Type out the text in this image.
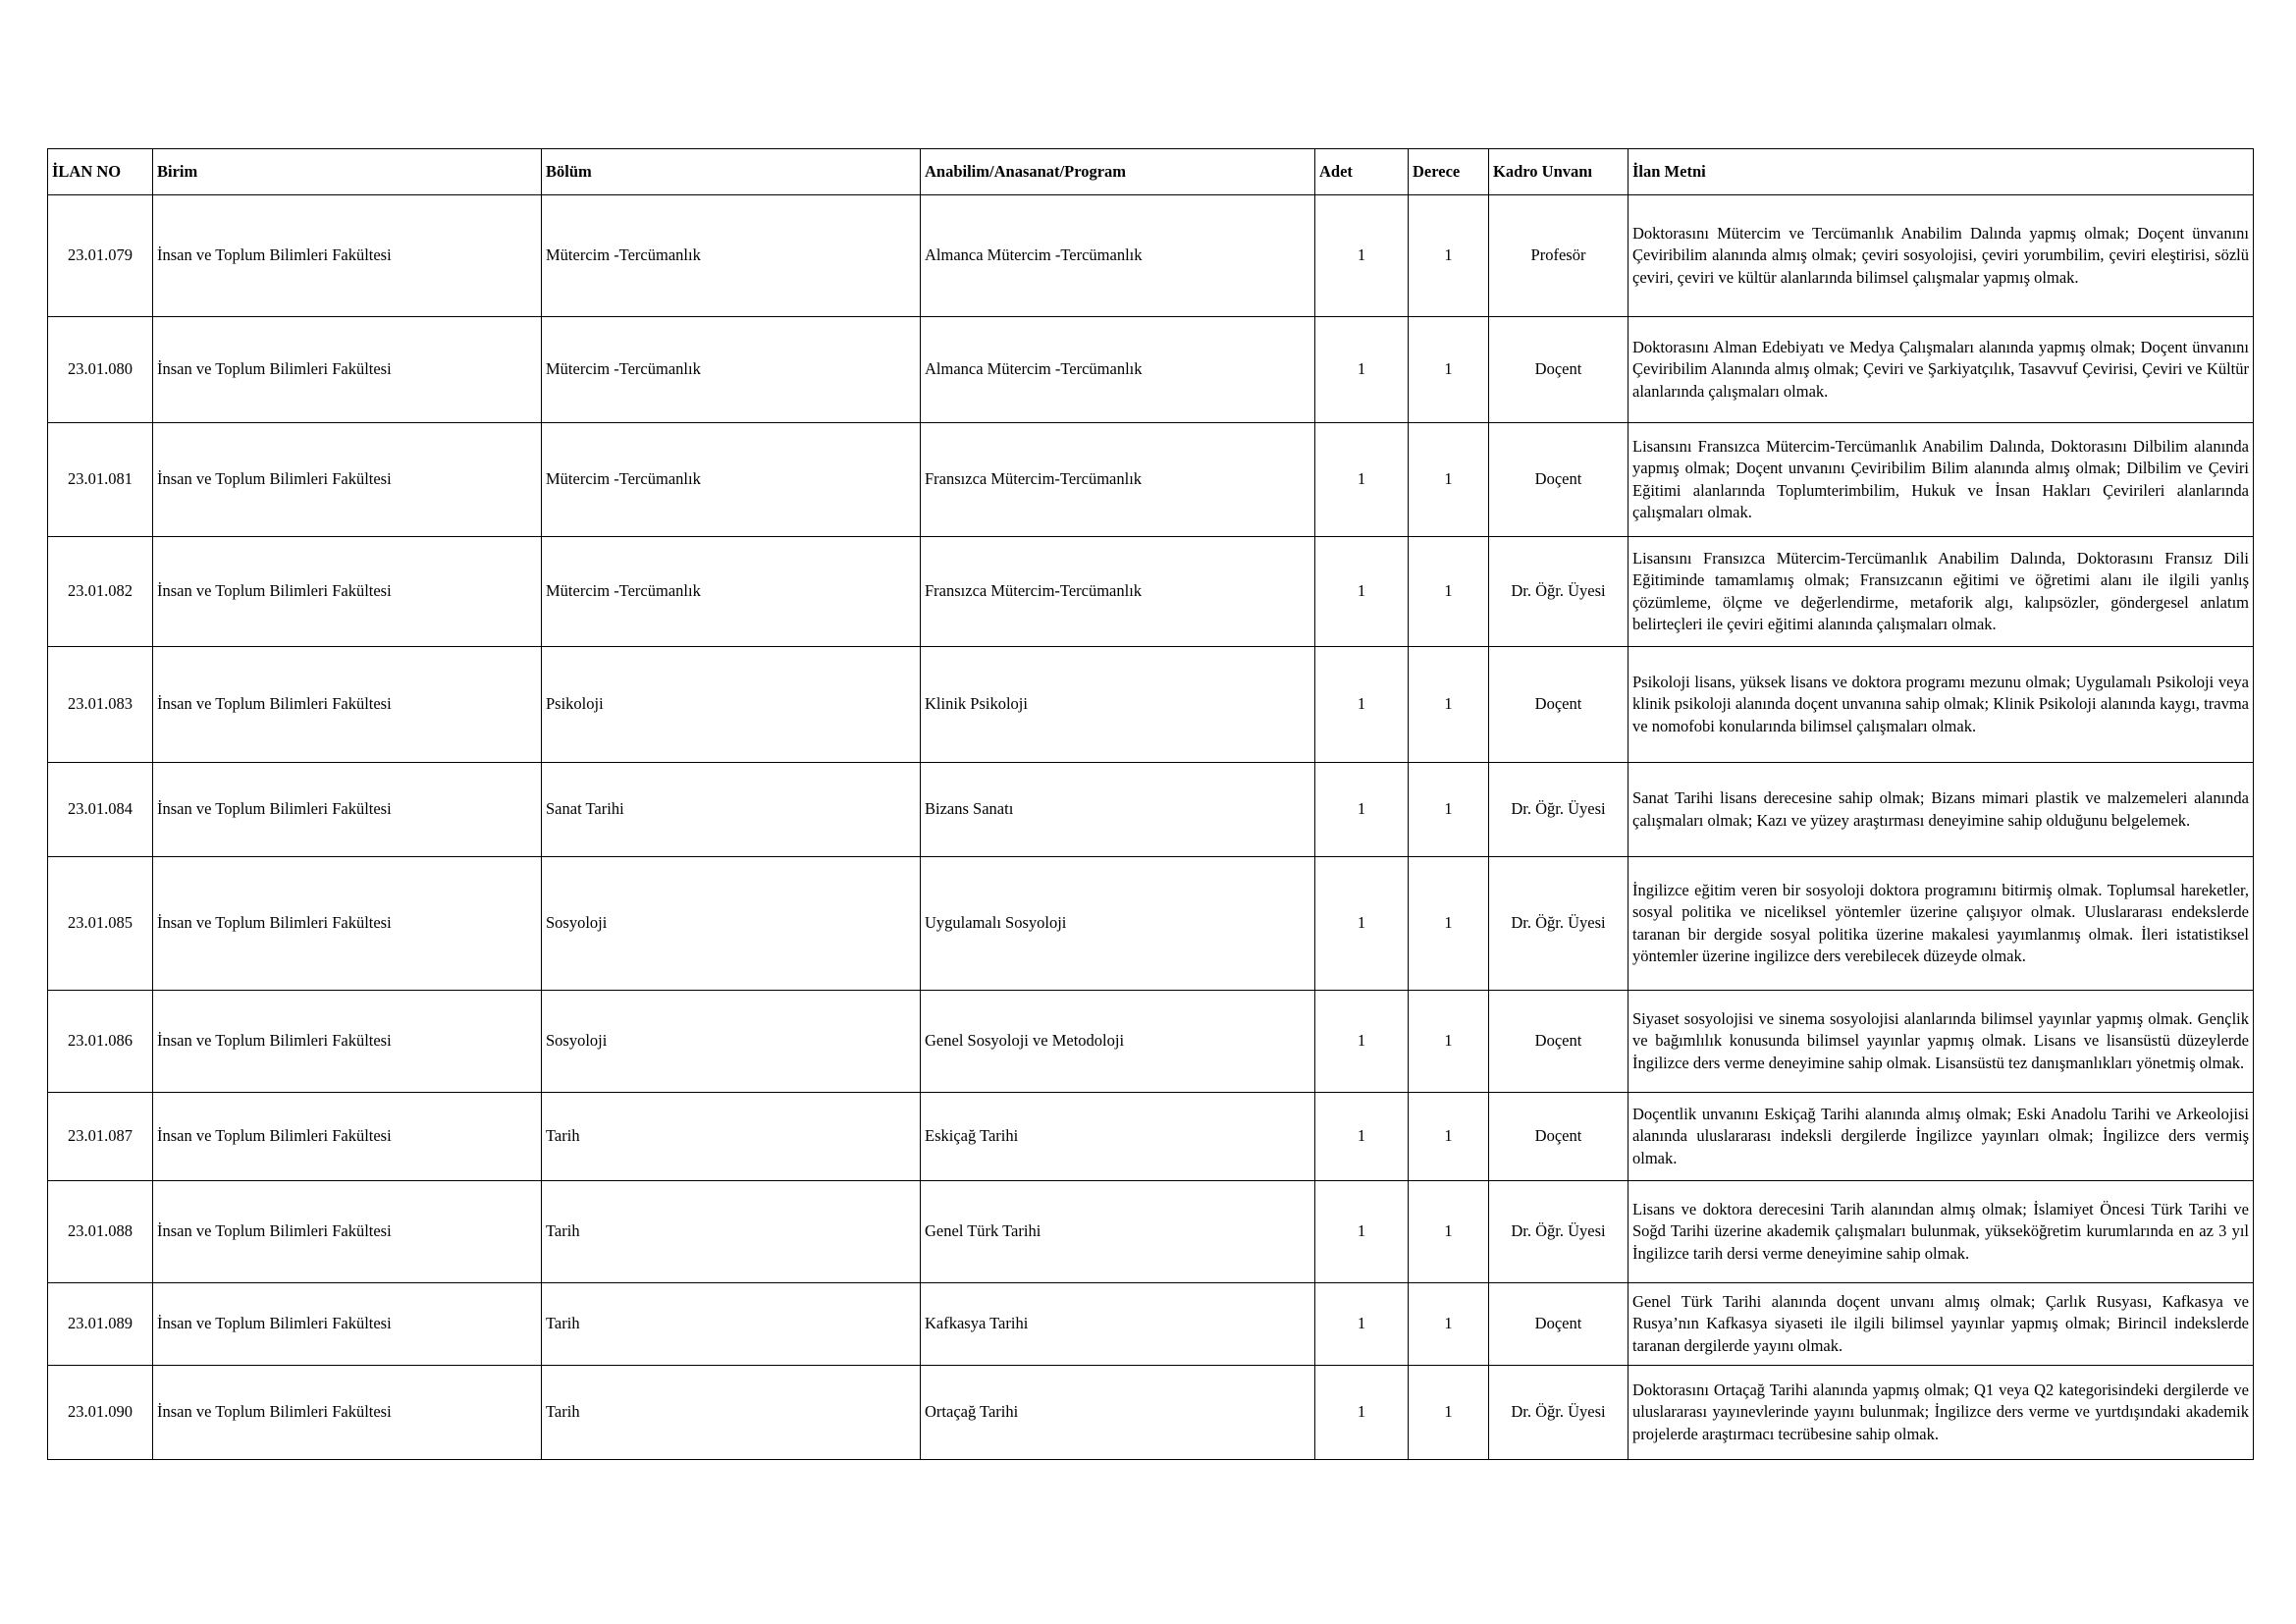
İLAN NO	Birim	Bölüm	Anabilim/Anasanat/Program	Adet	Derece	Kadro Unvanı	İlan Metni
23.01.079	İnsan ve Toplum Bilimleri Fakültesi	Mütercim -Tercümanlık	Almanca Mütercim -Tercümanlık	1	1	Profesör	Doktorasını Mütercim ve Tercümanlık Anabilim Dalında yapmış olmak; Doçent ünvanını Çeviribilim alanında almış olmak; çeviri sosyolojisi, çeviri yorumbilim, çeviri eleştirisi, sözlü çeviri, çeviri ve kültür alanlarında bilimsel çalışmalar yapmış olmak.
23.01.080	İnsan ve Toplum Bilimleri Fakültesi	Mütercim -Tercümanlık	Almanca Mütercim -Tercümanlık	1	1	Doçent	Doktorasını Alman Edebiyatı ve Medya Çalışmaları alanında yapmış olmak; Doçent ünvanını Çeviribilim Alanında almış olmak; Çeviri ve Şarkiyatçılık, Tasavvuf Çevirisi, Çeviri ve Kültür alanlarında çalışmaları olmak.
23.01.081	İnsan ve Toplum Bilimleri Fakültesi	Mütercim -Tercümanlık	Fransızca Mütercim-Tercümanlık	1	1	Doçent	Lisansını Fransızca Mütercim-Tercümanlık Anabilim Dalında, Doktorasını Dilbilim alanında yapmış olmak; Doçent unvanını Çeviribilim Bilim alanında almış olmak; Dilbilim ve Çeviri Eğitimi alanlarında Toplumterimbilim, Hukuk ve İnsan Hakları Çevirileri alanlarında çalışmaları olmak.
23.01.082	İnsan ve Toplum Bilimleri Fakültesi	Mütercim -Tercümanlık	Fransızca Mütercim-Tercümanlık	1	1	Dr. Öğr. Üyesi	Lisansını Fransızca Mütercim-Tercümanlık Anabilim Dalında, Doktorasını Fransız Dili Eğitiminde tamamlamış olmak; Fransızcanın eğitimi ve öğretimi alanı ile ilgili yanlış çözümleme, ölçme ve değerlendirme, metaforik algı, kalıpsözler, göndergesel anlatım belirteçleri ile çeviri eğitimi alanında çalışmaları olmak.
23.01.083	İnsan ve Toplum Bilimleri Fakültesi	Psikoloji	Klinik Psikoloji	1	1	Doçent	Psikoloji lisans, yüksek lisans ve doktora programı mezunu olmak; Uygulamalı Psikoloji veya klinik psikoloji alanında doçent unvanına sahip olmak; Klinik Psikoloji alanında kaygı, travma ve nomofobi konularında bilimsel çalışmaları olmak.
23.01.084	İnsan ve Toplum Bilimleri Fakültesi	Sanat Tarihi	Bizans Sanatı	1	1	Dr. Öğr. Üyesi	Sanat Tarihi lisans derecesine sahip olmak; Bizans mimari plastik ve malzemeleri alanında çalışmaları olmak; Kazı ve yüzey araştırması deneyimine sahip olduğunu belgelemek.
23.01.085	İnsan ve Toplum Bilimleri Fakültesi	Sosyoloji	Uygulamalı Sosyoloji	1	1	Dr. Öğr. Üyesi	İngilizce eğitim veren bir sosyoloji doktora programını bitirmiş olmak. Toplumsal hareketler, sosyal politika ve niceliksel yöntemler üzerine çalışıyor olmak. Uluslararası endekslerde taranan bir dergide sosyal politika üzerine makalesi yayımlanmış olmak. İleri istatistiksel yöntemler üzerine ingilizce ders verebilecek düzeyde olmak.
23.01.086	İnsan ve Toplum Bilimleri Fakültesi	Sosyoloji	Genel Sosyoloji ve Metodoloji	1	1	Doçent	Siyaset sosyolojisi ve sinema sosyolojisi alanlarında bilimsel yayınlar yapmış olmak. Gençlik ve bağımlılık konusunda bilimsel yayınlar yapmış olmak. Lisans ve lisansüstü düzeylerde İngilizce ders verme deneyimine sahip olmak. Lisansüstü tez danışmanlıkları yönetmiş olmak.
23.01.087	İnsan ve Toplum Bilimleri Fakültesi	Tarih	Eskiçağ Tarihi	1	1	Doçent	Doçentlik unvanını Eskiçağ Tarihi alanında almış olmak; Eski Anadolu Tarihi ve Arkeolojisi alanında uluslararası indeksli dergilerde İngilizce yayınları olmak; İngilizce ders vermiş olmak.
23.01.088	İnsan ve Toplum Bilimleri Fakültesi	Tarih	Genel Türk Tarihi	1	1	Dr. Öğr. Üyesi	Lisans ve doktora derecesini Tarih alanından almış olmak; İslamiyet Öncesi Türk Tarihi ve Soğd Tarihi üzerine akademik çalışmaları bulunmak, yükseköğretim kurumlarında en az 3 yıl İngilizce tarih dersi verme deneyimine sahip olmak.
23.01.089	İnsan ve Toplum Bilimleri Fakültesi	Tarih	Kafkasya Tarihi	1	1	Doçent	Genel Türk Tarihi alanında doçent unvanı almış olmak; Çarlık Rusyası, Kafkasya ve Rusya’nın Kafkasya siyaseti ile ilgili bilimsel yayınlar yapmış olmak; Birincil indekslerde taranan dergilerde yayını olmak.
23.01.090	İnsan ve Toplum Bilimleri Fakültesi	Tarih	Ortaçağ Tarihi	1	1	Dr. Öğr. Üyesi	Doktorasını Ortaçağ Tarihi alanında yapmış olmak; Q1 veya Q2 kategorisindeki dergilerde ve uluslararası yayınevlerinde yayını bulunmak; İngilizce ders verme ve yurtdışındaki akademik projelerde araştırmacı tecrübesine sahip olmak.
